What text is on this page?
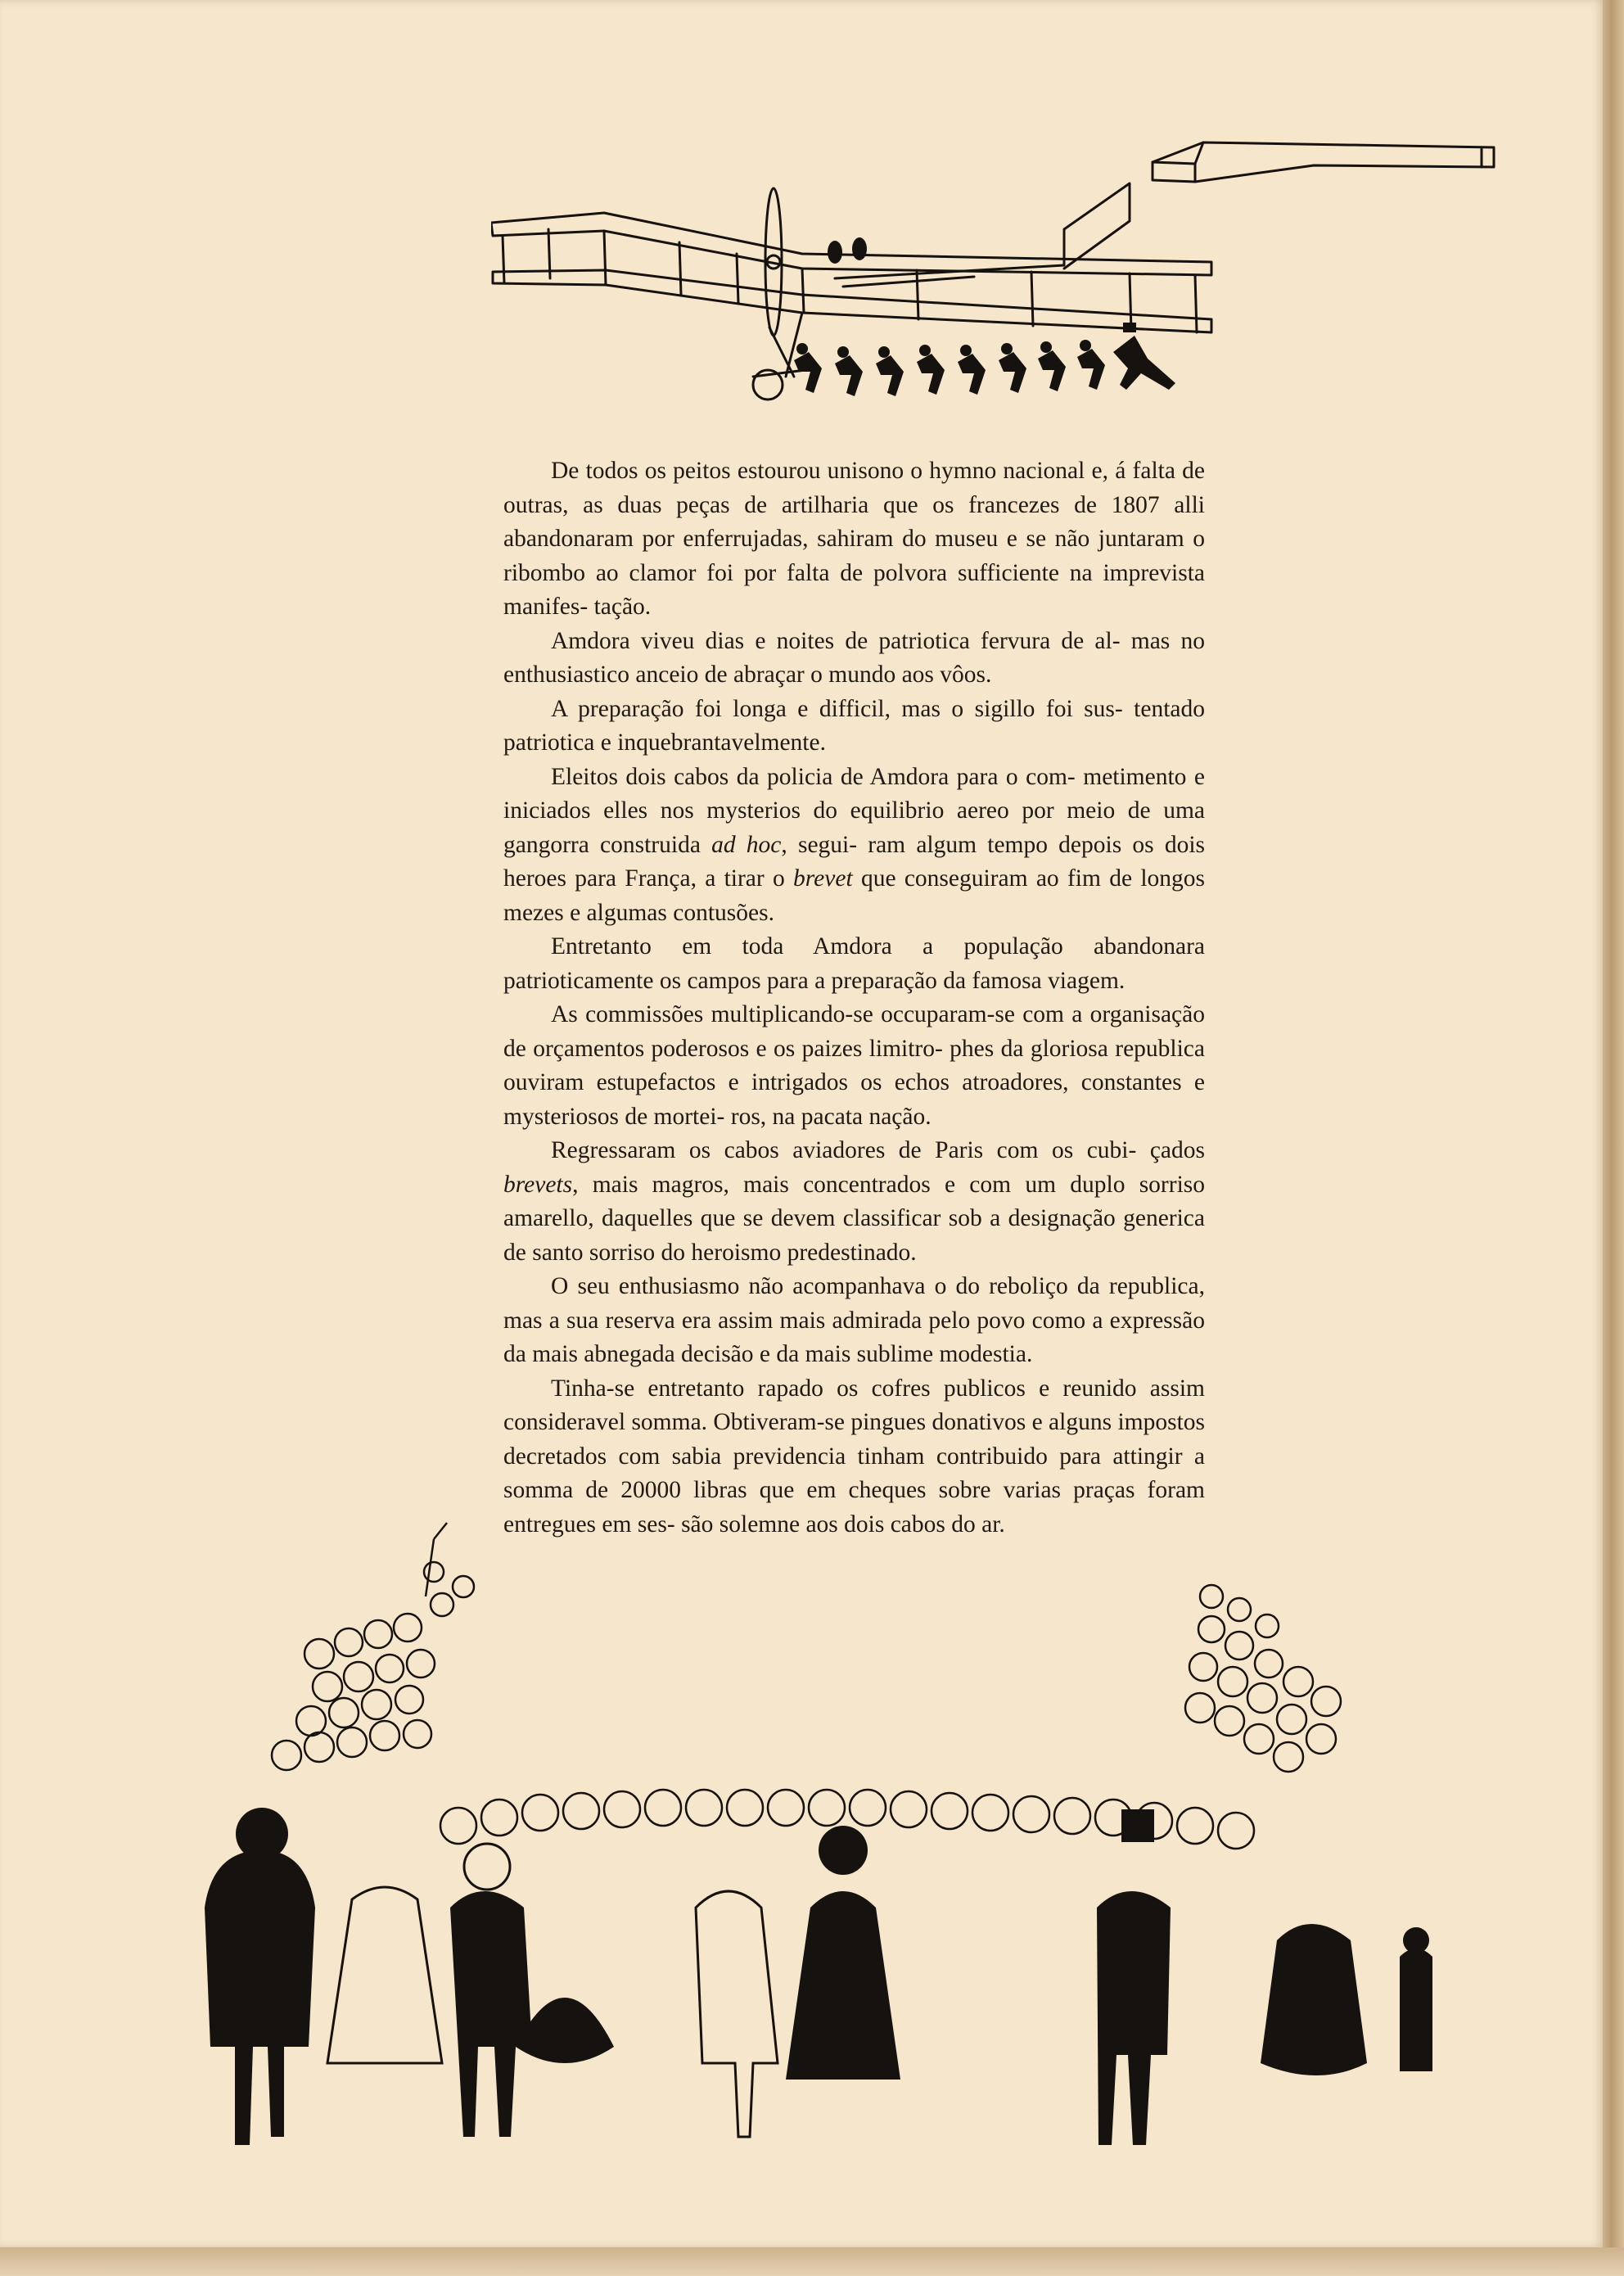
De todos os peitos estourou unisono o hymno nacional e, á falta de outras, as duas peças de artilharia que os francezes de 1807 alli abandonaram por enferrujadas, sahiram do museu e se não juntaram o ribombo ao clamor foi por falta de polvora sufficiente na imprevista manifes- tação.

Amdora viveu dias e noites de patriotica fervura de al- mas no enthusiastico anceio de abraçar o mundo aos vôos.

A preparação foi longa e difficil, mas o sigillo foi sus- tentado patriotica e inquebrantavelmente.

Eleitos dois cabos da policia de Amdora para o com- metimento e iniciados elles nos mysterios do equilibrio aereo por meio de uma gangorra construida ad hoc, segui- ram algum tempo depois os dois heroes para França, a tirar o brevet que conseguiram ao fim de longos mezes e algumas contusões.

Entretanto em toda Amdora a população abandonara patrioticamente os campos para a preparação da famosa viagem.

As commissões multiplicando-se occuparam-se com a organisação de orçamentos poderosos e os paizes limitro- phes da gloriosa republica ouviram estupefactos e intrigados os echos atroadores, constantes e mysteriosos de mortei- ros, na pacata nação.

Regressaram os cabos aviadores de Paris com os cubi- çados brevets, mais magros, mais concentrados e com um duplo sorriso amarello, daquelles que se devem classificar sob a designação generica de santo sorriso do heroismo predestinado.

O seu enthusiasmo não acompanhava o do reboliço da republica, mas a sua reserva era assim mais admirada pelo povo como a expressão da mais abnegada decisão e da mais sublime modestia.

Tinha-se entretanto rapado os cofres publicos e reunido assim consideravel somma. Obtiveram-se pingues donativos e alguns impostos decretados com sabia previdencia tinham contribuido para attingir a somma de 20000 libras que em cheques sobre varias praças foram entregues em ses- são solemne aos dois cabos do ar.
